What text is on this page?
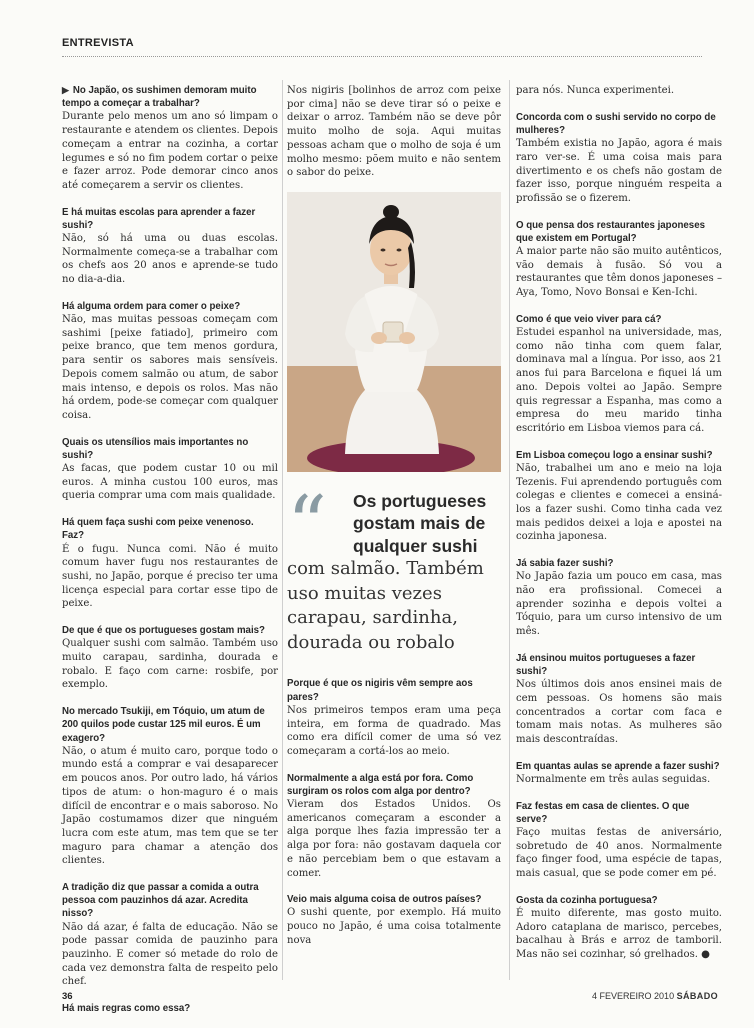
ENTREVISTA

▶ No Japão, os sushimen demoram muito tempo a começar a trabalhar?

Durante pelo menos um ano só limpam o restaurante e atendem os clientes. Depois começam a entrar na cozinha, a cortar legumes e só no fim podem cortar o peixe e fazer arroz. Pode demorar cinco anos até começarem a servir os clientes.

E há muitas escolas para aprender a fazer sushi?

Não, só há uma ou duas escolas. Normalmente começa-se a trabalhar com os chefs aos 20 anos e aprende-se tudo no dia-a-dia.

Há alguma ordem para comer o peixe?

Não, mas muitas pessoas começam com sashimi [peixe fatiado], primeiro com peixe branco, que tem menos gordura, para sentir os sabores mais sensíveis. Depois comem salmão ou atum, de sabor mais intenso, e depois os rolos. Mas não há ordem, pode-se começar com qualquer coisa.

Quais os utensílios mais importantes no sushi?

As facas, que podem custar 10 ou mil euros. A minha custou 100 euros, mas queria comprar uma com mais qualidade.

Há quem faça sushi com peixe venenoso. Faz?

É o fugu. Nunca comi. Não é muito comum haver fugu nos restaurantes de sushi, no Japão, porque é preciso ter uma licença especial para cortar esse tipo de peixe.

De que é que os portugueses gostam mais?

Qualquer sushi com salmão. Também uso muito carapau, sardinha, dourada e robalo. E faço com carne: rosbife, por exemplo.

No mercado Tsukiji, em Tóquio, um atum de 200 quilos pode custar 125 mil euros. É um exagero?

Não, o atum é muito caro, porque todo o mundo está a comprar e vai desaparecer em poucos anos. Por outro lado, há vários tipos de atum: o hon-maguro é o mais difícil de encontrar e o mais saboroso. No Japão costumamos dizer que ninguém lucra com este atum, mas tem que se ter maguro para chamar a atenção dos clientes.

A tradição diz que passar a comida a outra pessoa com pauzinhos dá azar. Acredita nisso?

Não dá azar, é falta de educação. Não se pode passar comida de pauzinho para pauzinho. E comer só metade do rolo de cada vez demonstra falta de respeito pelo chef.

Há mais regras como essa?

Nos nigiris [bolinhos de arroz com peixe por cima] não se deve tirar só o peixe e deixar o arroz. Também não se deve pôr muito molho de soja. Aqui muitas pessoas acham que o molho de soja é um molho mesmo: põem muito e não sentem o sabor do peixe.

“ Os portugueses gostam mais de qualquer sushi

com salmão. Também uso muitas vezes carapau, sardinha, dourada ou robalo

Porque é que os nigiris vêm sempre aos pares?

Nos primeiros tempos eram uma peça inteira, em forma de quadrado. Mas como era difícil comer de uma só vez começaram a cortá-los ao meio.

Normalmente a alga está por fora. Como surgiram os rolos com alga por dentro?

Vieram dos Estados Unidos. Os americanos começaram a esconder a alga porque lhes fazia impressão ter a alga por fora: não gostavam daquela cor e não percebiam bem o que estavam a comer.

Veio mais alguma coisa de outros países?

O sushi quente, por exemplo. Há muito pouco no Japão, é uma coisa totalmente nova

para nós. Nunca experimentei.

Concorda com o sushi servido no corpo de mulheres?

Também existia no Japão, agora é mais raro ver-se. É uma coisa mais para divertimento e os chefs não gostam de fazer isso, porque ninguém respeita a profissão se o fizerem.

O que pensa dos restaurantes japoneses que existem em Portugal?

A maior parte não são muito autênticos, vão demais à fusão. Só vou a restaurantes que têm donos japoneses – Aya, Tomo, Novo Bonsai e Ken-Ichi.

Como é que veio viver para cá?

Estudei espanhol na universidade, mas, como não tinha com quem falar, dominava mal a língua. Por isso, aos 21 anos fui para Barcelona e fiquei lá um ano. Depois voltei ao Japão. Sempre quis regressar a Espanha, mas como a empresa do meu marido tinha escritório em Lisboa viemos para cá.

Em Lisboa começou logo a ensinar sushi?

Não, trabalhei um ano e meio na loja Tezenis. Fui aprendendo português com colegas e clientes e comecei a ensiná-los a fazer sushi. Como tinha cada vez mais pedidos deixei a loja e apostei na cozinha japonesa.

Já sabia fazer sushi?

No Japão fazia um pouco em casa, mas não era profissional. Comecei a aprender sozinha e depois voltei a Tóquio, para um curso intensivo de um mês.

Já ensinou muitos portugueses a fazer sushi?

Nos últimos dois anos ensinei mais de cem pessoas. Os homens são mais concentrados a cortar com faca e tomam mais notas. As mulheres são mais descontraídas.

Em quantas aulas se aprende a fazer sushi?

Normalmente em três aulas seguidas.

Faz festas em casa de clientes. O que serve?

Faço muitas festas de aniversário, sobretudo de 40 anos. Normalmente faço finger food, uma espécie de tapas, mais casual, que se pode comer em pé.

Gosta da cozinha portuguesa?

É muito diferente, mas gosto muito. Adoro cataplana de marisco, percebes, bacalhau à Brás e arroz de tamboril. Mas não sei cozinhar, só grelhados. ●

36	4 FEVEREIRO 2010 SÁBADO
